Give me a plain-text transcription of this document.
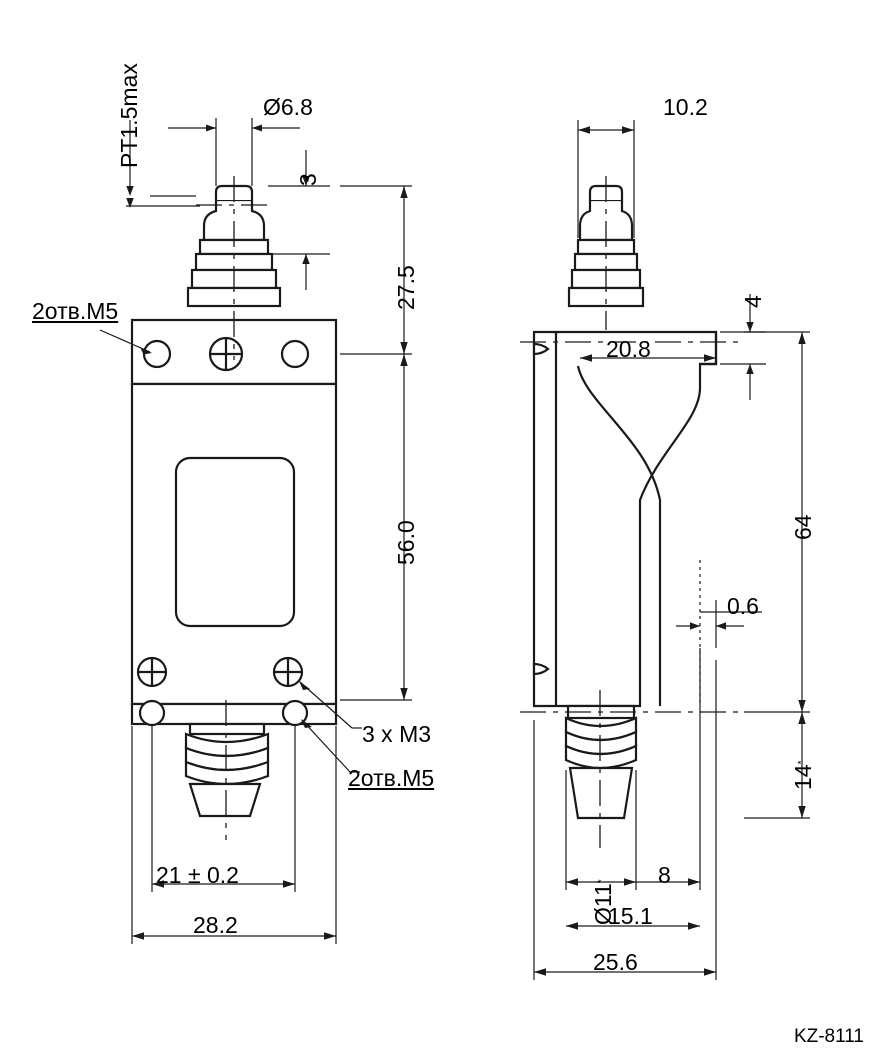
Ø6.8
PT1.5max
3
27.5
56.0
2отв.M5
3 x M3
2отв.M5
21 ± 0.2
28.2
10.2
4
20.8
0.6
64
14*
Ø11*	8
15.1
25.6
KZ-8111
